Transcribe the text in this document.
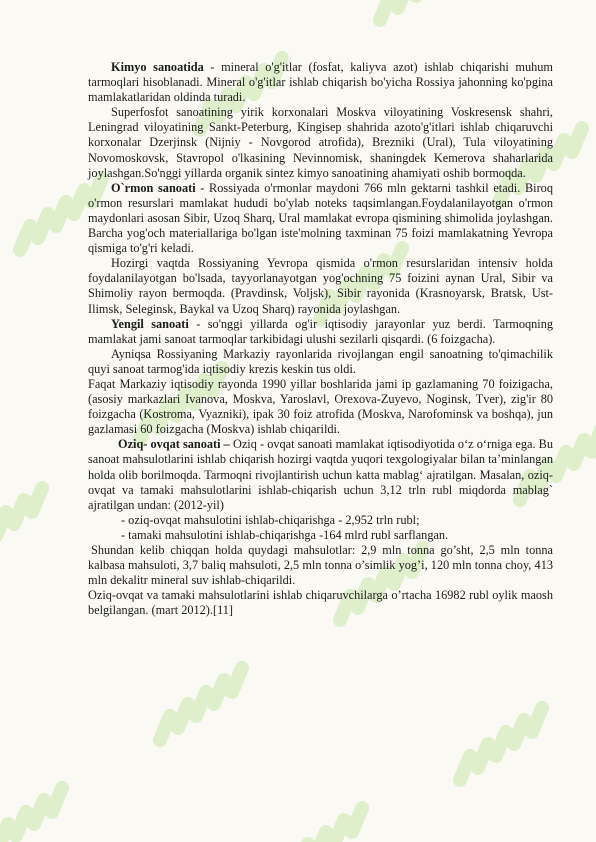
Kimyo sanoatida - mineral o'g'itlar (fosfat, kaliyva azot) ishlab chiqarishi muhum tarmoqlari hisoblanadi. Mineral o'g'itlar ishlab chiqarish bo'yicha Rossiya jahonning ko'pgina mamlakatlaridan oldinda turadi.

Superfosfot sanoatining yirik korxonalari Moskva viloyatining Voskresensk shahri, Leningrad viloyatining Sankt-Peterburg, Kingisep shahrida azoto'g'itlari ishlab chiqaruvchi korxonalar Dzerjinsk (Nijniy - Novgorod atrofida), Brezniki (Ural), Tula viloyatining Novomoskovsk, Stavropol o'lkasining Nevinnomisk, shaningdek Kemerova shaharlarida joylashgan.So'nggi yillarda organik sintez kimyo sanoatining ahamiyati oshib bormoqda.

O`rmon sanoati - Rossiyada o'rmonlar maydoni 766 mln gektarni tashkil etadi. Biroq o'rmon resurslari mamlakat hududi bo'ylab noteks taqsimlangan.Foydalanilayotgan o'rmon maydonlari asosan Sibir, Uzoq Sharq, Ural mamlakat evropa qismining shimolida joylashgan. Barcha yog'och materiallariga bo'lgan iste'molning taxminan 75 foizi mamlakatning Yevropa qismiga to'g'ri keladi.

Hozirgi vaqtda Rossiyaning Yevropa qismida o'rmon resurslaridan intensiv holda foydalanilayotgan bo'lsada, tayyorlanayotgan yog'ochning 75 foizini aynan Ural, Sibir va Shimoliy rayon bermoqda. (Pravdinsk, Voljsk), Sibir rayonida (Krasnoyarsk, Bratsk, Ust-Ilimsk, Seleginsk, Baykal va Uzoq Sharq) rayonida joylashgan.

Yengil sanoati - so'nggi yillarda og'ir iqtisodiy jarayonlar yuz berdi. Tarmoqning mamlakat jami sanoat tarmoqlar tarkibidagi ulushi sezilarli qisqardi. (6 foizgacha).

Ayniqsa Rossiyaning Markaziy rayonlarida rivojlangan engil sanoatning to'qimachilik quyi sanoat tarmog'ida iqtisodiy krezis keskin tus oldi.

Faqat Markaziy iqtisodiy rayonda 1990 yillar boshlarida jami ip gazlamaning 70 foizigacha, (asosiy markazlari Ivanova, Moskva, Yaroslavl, Orexova-Zuyevo, Noginsk, Tver), zig'ir 80 foizgacha (Kostroma, Vyazniki), ipak 30 foiz atrofida (Moskva, Narofominsk va boshqa), jun gazlamasi 60 foizgacha (Moskva) ishlab chiqarildi.

Oziq- ovqat sanoati – Oziq - ovqat sanoati mamlakat iqtisodiyotida o‘z o‘rniga ega. Bu sanoat mahsulotlarini ishlab chiqarish hozirgi vaqtda yuqori texgologiyalar bilan ta’minlangan holda olib borilmoqda. Tarmoqni rivojlantirish uchun katta mablag‘ ajratilgan. Masalan, oziq-ovqat va tamaki mahsulotlarini ishlab-chiqarish uchun 3,12 trln rubl miqdorda mablag` ajratilgan undan: (2012-yil)

- oziq-ovqat mahsulotini ishlab-chiqarishga - 2,952 trln rubl;

- tamaki mahsulotini ishlab-chiqarishga -164 mlrd rubl sarflangan.

Shundan kelib chiqqan holda quydagi mahsulotlar: 2,9 mln tonna go’sht, 2,5 mln tonna kalbasa mahsuloti, 3,7 baliq mahsuloti, 2,5 mln tonna o’simlik yog’i, 120 mln tonna choy, 413 mln dekalitr mineral suv ishlab-chiqarildi.

Oziq-ovqat va tamaki mahsulotlarini ishlab chiqaruvchilarga o’rtacha 16982 rubl oylik maosh belgilangan. (mart 2012).[11]
